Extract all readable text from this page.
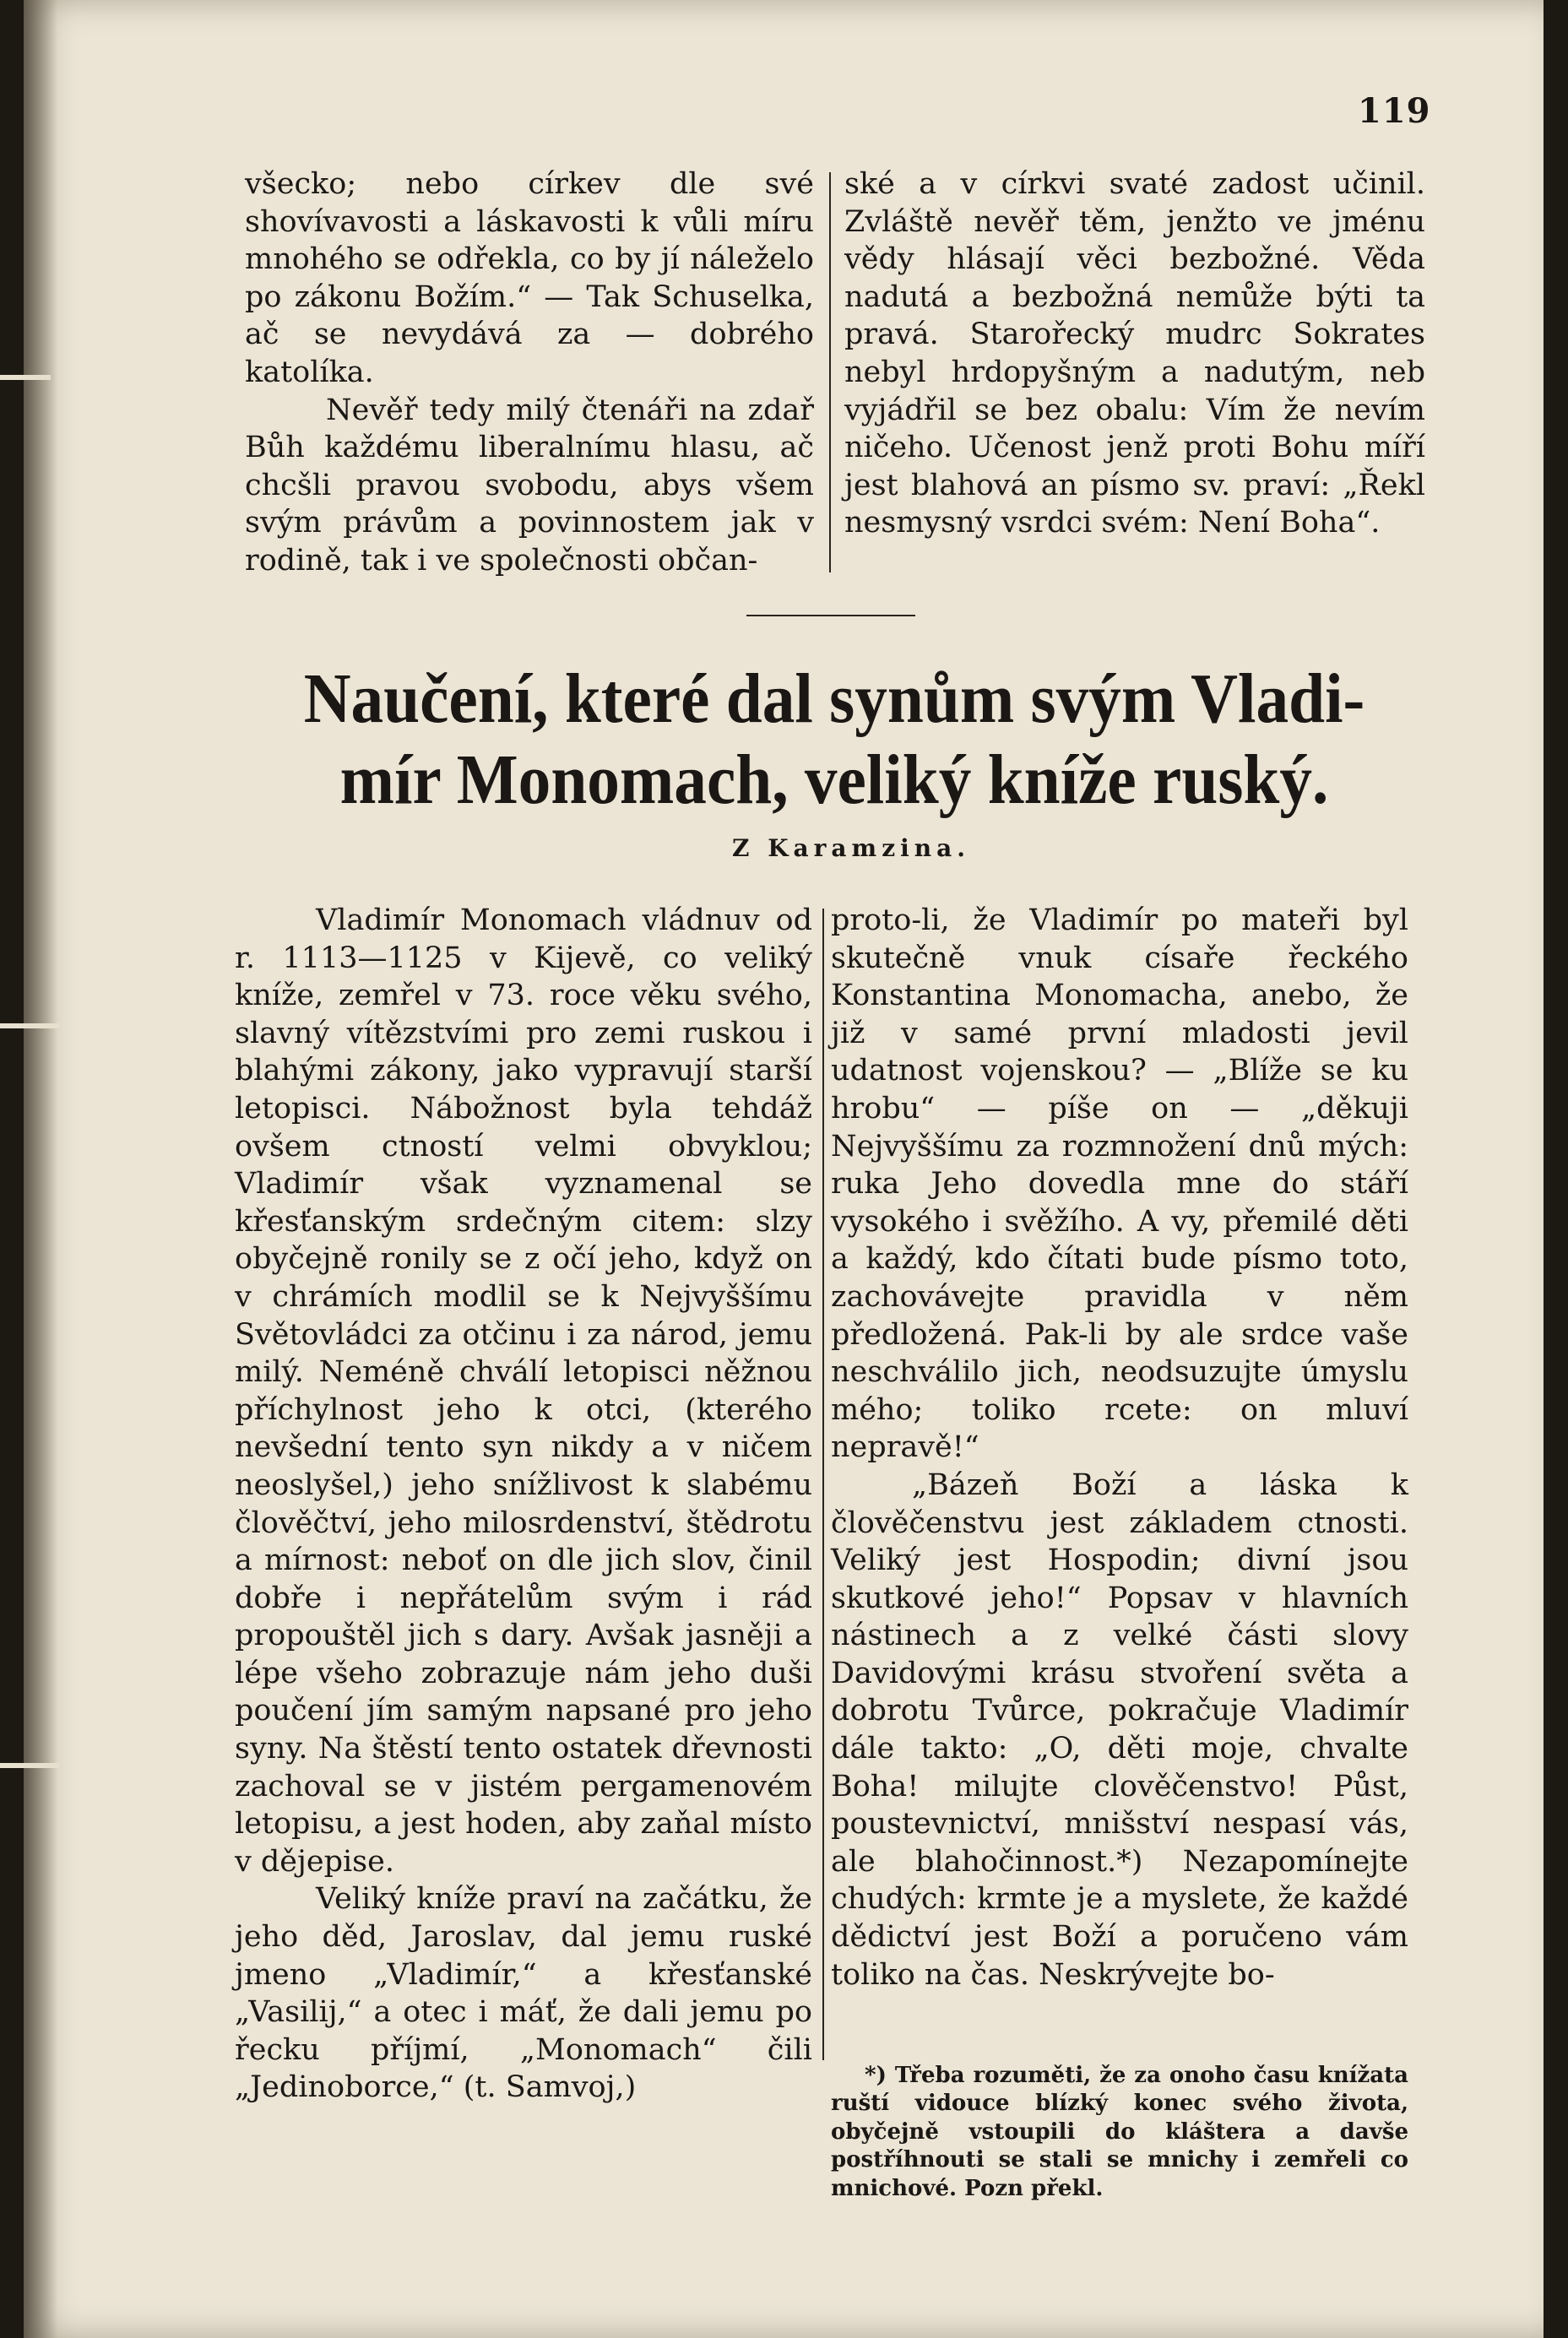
119

všecko; nebo církev dle své shovívavosti a láskavosti k vůli míru mnohého se odřekla, co by jí náleželo po zákonu Božím.“ — Tak Schuselka, ač se nevydává za — dobrého katolíka.

Nevěř tedy milý čtenáři na zdař Bůh každému liberalnímu hlasu, ač chcšli pravou svobodu, abys všem svým právům a povinnostem jak v rodině, tak i ve společnosti občan-

ské a v církvi svaté zadost učinil. Zvláště nevěř těm, jenžto ve jménu vědy hlásají věci bezbožné. Věda nadutá a bezbožná nemůže býti ta pravá. Starořecký mudrc Sokrates nebyl hrdopyšným a nadutým, neb vyjádřil se bez obalu: Vím že nevím ničeho. Učenost jenž proti Bohu míří jest blahová an písmo sv. praví: „Řekl nesmysný vsrdci svém: Není Boha“.

Naučení, které dal synům svým Vladi-
mír Monomach, veliký kníže ruský.
Z Karamzina.

Vladimír Monomach vládnuv od r. 1113—1125 v Kijevě, co veliký kníže, zemřel v 73. roce věku svého, slavný vítězstvími pro zemi ruskou i blahými zákony, jako vypravují starší letopisci. Nábožnost byla tehdáž ovšem ctností velmi obvyklou; Vladimír však vyznamenal se křesťanským srdečným citem: slzy obyčejně ronily se z očí jeho, když on v chrámích modlil se k Nejvyššímu Světovládci za otčinu i za národ, jemu milý. Neméně chválí letopisci něžnou příchylnost jeho k otci, (kterého nevšední tento syn nikdy a v ničem neoslyšel,) jeho snížlivost k slabému člověčtví, jeho milosrdenství, štědrotu a mírnost: neboť on dle jich slov, činil dobře i nepřátelům svým i rád propouštěl jich s dary. Avšak jasněji a lépe všeho zobrazuje nám jeho duši poučení jím samým napsané pro jeho syny. Na štěstí tento ostatek dřevnosti zachoval se v jistém pergamenovém letopisu, a jest hoden, aby zaňal místo v dějepise.

Veliký kníže praví na začátku, že jeho děd, Jaroslav, dal jemu ruské jmeno „Vladimír,“ a křesťanské „Vasilij,“ a otec i máť, že dali jemu po řecku příjmí, „Monomach“ čili „Jedinoborce,“ (t. Samvoj,)

proto-li, že Vladimír po mateři byl skutečně vnuk císaře řeckého Konstantina Monomacha, anebo, že již v samé první mladosti jevil udatnost vojenskou? — „Blíže se ku hrobu“ — píše on — „děkuji Nejvyššímu za rozmnožení dnů mých: ruka Jeho dovedla mne do stáří vysokého i svěžího. A vy, přemilé děti a každý, kdo čítati bude písmo toto, zachovávejte pravidla v něm předložená. Pak-li by ale srdce vaše neschválilo jich, neodsuzujte úmyslu mého; toliko rcete: on mluví nepravě!“

„Bázeň Boží a láska k člověčenstvu jest základem ctnosti. Veliký jest Hospodin; divní jsou skutkové jeho!“ Popsav v hlavních nástinech a z velké části slovy Davidovými krásu stvoření světa a dobrotu Tvůrce, pokračuje Vladimír dále takto: „O, děti moje, chvalte Boha! milujte clověčenstvo! Půst, poustevnictví, mnišství nespasí vás, ale blahočinnost.*) Nezapomínejte chudých: krmte je a myslete, že každé dědictví jest Boží a poručeno vám toliko na čas. Neskrývejte bo-

*) Třeba rozuměti, že za onoho času knížata ruští vidouce blízký konec svého života, obyčejně vstoupili do kláštera a davše postříhnouti se stali se mnichy i zemřeli co mnichové. Pozn překl.
